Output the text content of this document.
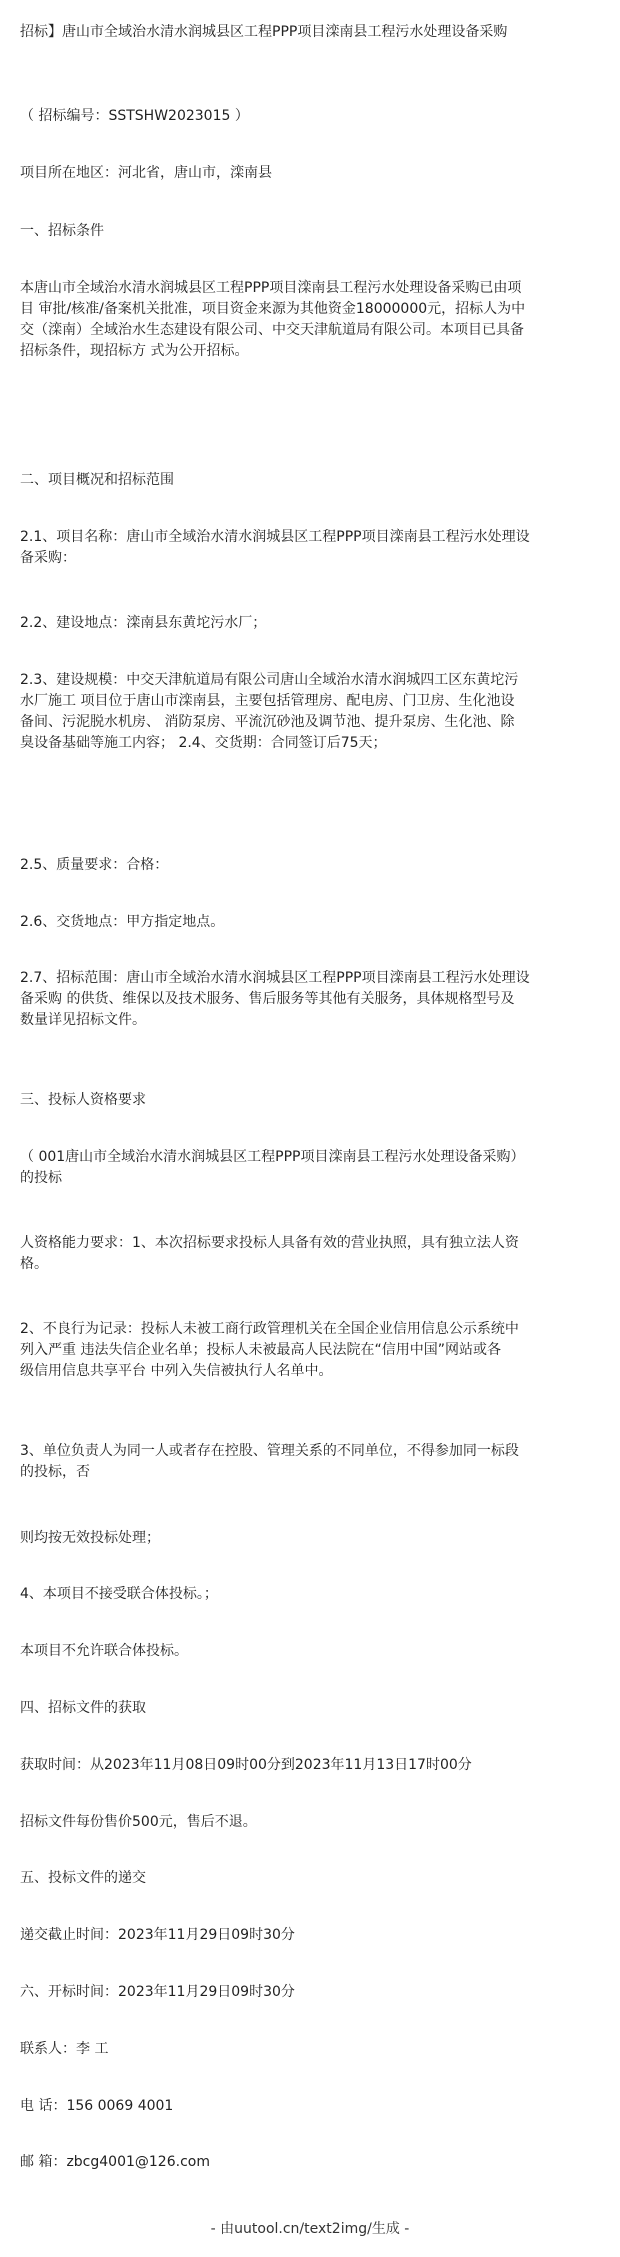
招标】唐山市全域治水清水润城县区工程PPP项目滦南县工程污水处理设备采购
（ 招标编号：SSTSHW2023015 ）
项目所在地区：河北省，唐山市，滦南县
一、招标条件
本唐山市全域治水清水润城县区工程PPP项目滦南县工程污水处理设备采购已由项
目 审批/核准/备案机关批准，项目资金来源为其他资金18000000元，招标人为中
交（滦南）全域治水生态建设有限公司、中交天津航道局有限公司。本项目已具备
招标条件，现招标方 式为公开招标。
二、项目概况和招标范围
2.1、项目名称：唐山市全域治水清水润城县区工程PPP项目滦南县工程污水处理设
备采购：
2.2、建设地点：滦南县东黄坨污水厂；
2.3、建设规模：中交天津航道局有限公司唐山全域治水清水润城四工区东黄坨污
水厂施工 项目位于唐山市滦南县，主要包括管理房、配电房、门卫房、生化池设
备间、污泥脱水机房、 消防泵房、平流沉砂池及调节池、提升泵房、生化池、除
臭设备基础等施工内容； 2.4、交货期：合同签订后75天；
2.5、质量要求：合格：
2.6、交货地点：甲方指定地点。
2.7、招标范围：唐山市全域治水清水润城县区工程PPP项目滦南县工程污水处理设
备采购 的供货、维保以及技术服务、售后服务等其他有关服务，具体规格型号及
数量详见招标文件。
三、投标人资格要求
（ 001唐山市全域治水清水润城县区工程PPP项目滦南县工程污水处理设备采购）
的投标
人资格能力要求：1、本次招标要求投标人具备有效的营业执照，具有独立法人资
格。
2、不良行为记录：投标人未被工商行政管理机关在全国企业信用信息公示系统中
列入严重 违法失信企业名单；投标人未被最高人民法院在“信用中国”网站或各
级信用信息共享平台 中列入失信被执行人名单中。
3、单位负责人为同一人或者存在控股、管理关系的不同单位，不得参加同一标段
的投标，否
则均按无效投标处理；
4、本项目不接受联合体投标。；
本项目不允许联合体投标。
四、招标文件的获取
获取时间：从2023年11月08日09时00分到2023年11月13日17时00分
招标文件每份售价500元，售后不退。
五、投标文件的递交
递交截止时间：2023年11月29日09时30分
六、开标时间：2023年11月29日09时30分
联系人：李 工
电 话：156 0069 4001
邮 箱：zbcg4001@126.com
- 由uutool.cn/text2img/生成 -
